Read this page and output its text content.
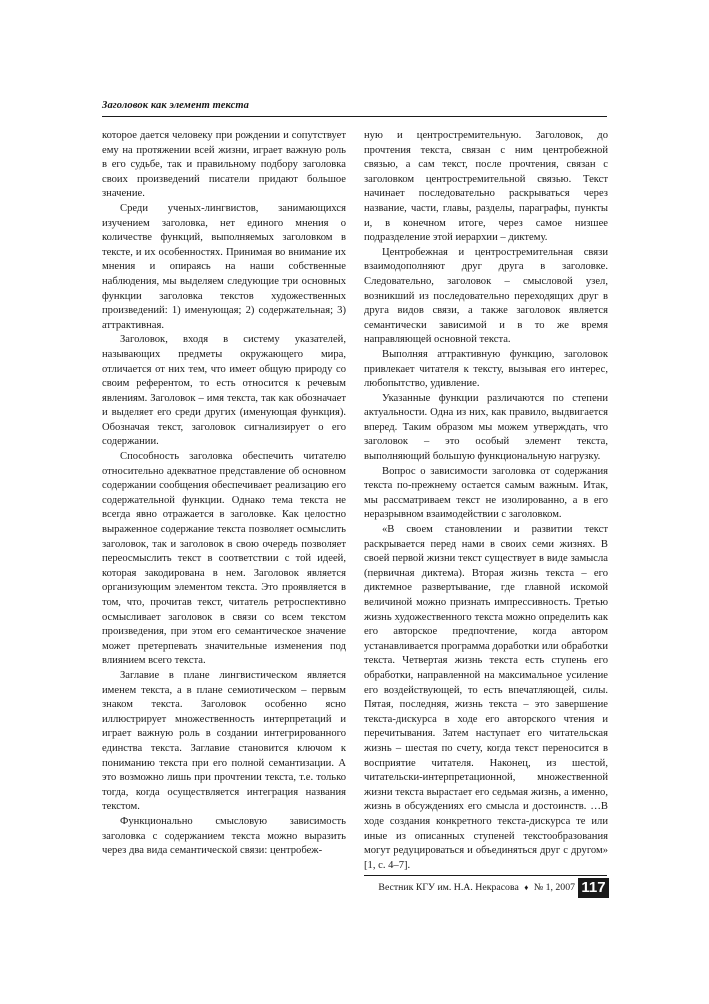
Заголовок как элемент текста

которое дается человеку при рождении и сопутствует ему на протяжении всей жизни, играет важную роль в его судьбе, так и правильному подбору заголовка своих произведений писатели придают большое значение.

Среди ученых-лингвистов, занимающихся изучением заголовка, нет единого мнения о количестве функций, выполняемых заголовком в тексте, и их особенностях. Принимая во внимание их мнения и опираясь на наши собственные наблюдения, мы выделяем следующие три основных функции заголовка текстов художественных произведений: 1) именующая; 2) содержательная; 3) аттрактивная.

Заголовок, входя в систему указателей, называющих предметы окружающего мира, отличается от них тем, что имеет общую природу со своим референтом, то есть относится к речевым явлениям. Заголовок – имя текста, так как обозначает и выделяет его среди других (именующая функция). Обозначая текст, заголовок сигнализирует о его содержании.

Способность заголовка обеспечить читателю относительно адекватное представление об основном содержании сообщения обеспечивает реализацию его содержательной функции. Однако тема текста не всегда явно отражается в заголовке. Как целостно выраженное содержание текста позволяет осмыслить заголовок, так и заголовок в свою очередь позволяет переосмыслить текст в соответствии с той идеей, которая закодирована в нем. Заголовок является организующим элементом текста. Это проявляется в том, что, прочитав текст, читатель ретроспективно осмысливает заголовок в связи со всем текстом произведения, при этом его семантическое значение может претерпевать значительные изменения под влиянием всего текста.

Заглавие в плане лингвистическом является именем текста, а в плане семиотическом – первым знаком текста. Заголовок особенно ясно иллюстрирует множественность интерпретаций и играет важную роль в создании интегрированного единства текста. Заглавие становится ключом к пониманию текста при его полной семантизации. А это возможно лишь при прочтении текста, т.е. только тогда, когда осуществляется интеграция названия текстом.

Функционально смысловую зависимость заголовка с содержанием текста можно выразить через два вида семантической связи: центробеж-

ную и центростремительную. Заголовок, до прочтения текста, связан с ним центробежной связью, а сам текст, после прочтения, связан с заголовком центростремительной связью. Текст начинает последовательно раскрываться через название, части, главы, разделы, параграфы, пункты и, в конечном итоге, через самое низшее подразделение этой иерархии – диктему.

Центробежная и центростремительная связи взаимодополняют друг друга в заголовке. Следовательно, заголовок – смысловой узел, возникший из последовательно переходящих друг в друга видов связи, а также заголовок является семантически зависимой и в то же время направляющей основной текста.

Выполняя аттрактивную функцию, заголовок привлекает читателя к тексту, вызывая его интерес, любопытство, удивление.

Указанные функции различаются по степени актуальности. Одна из них, как правило, выдвигается вперед. Таким образом мы можем утверждать, что заголовок – это особый элемент текста, выполняющий большую функциональную нагрузку.

Вопрос о зависимости заголовка от содержания текста по-прежнему остается самым важным. Итак, мы рассматриваем текст не изолированно, а в его неразрывном взаимодействии с заголовком.

«В своем становлении и развитии текст раскрывается перед нами в своих семи жизнях. В своей первой жизни текст существует в виде замысла (первичная диктема). Вторая жизнь текста – его диктемное развертывание, где главной искомой величиной можно признать импрессивность. Третью жизнь художественного текста можно определить как его авторское предпочтение, когда автором устанавливается программа доработки или обработки текста. Четвертая жизнь текста есть ступень его обработки, направленной на максимальное усиление его воздействующей, то есть впечатляющей, силы. Пятая, последняя, жизнь текста – это завершение текста-дискурса в ходе его авторского чтения и перечитывания. Затем наступает его читательская жизнь – шестая по счету, когда текст переносится в восприятие читателя. Наконец, из шестой, читательски-интерпретационной, множественной жизни текста вырастает его седьмая жизнь, а именно, жизнь в обсуждениях его смысла и достоинств. …В ходе создания конкретного текста-дискурса те или иные из описанных ступеней текстообразования могут редуцироваться и объединяться друг с другом» [1, с. 4–7].

Вестник КГУ им. Н.А. Некрасова ♦ № 1, 2007 117
